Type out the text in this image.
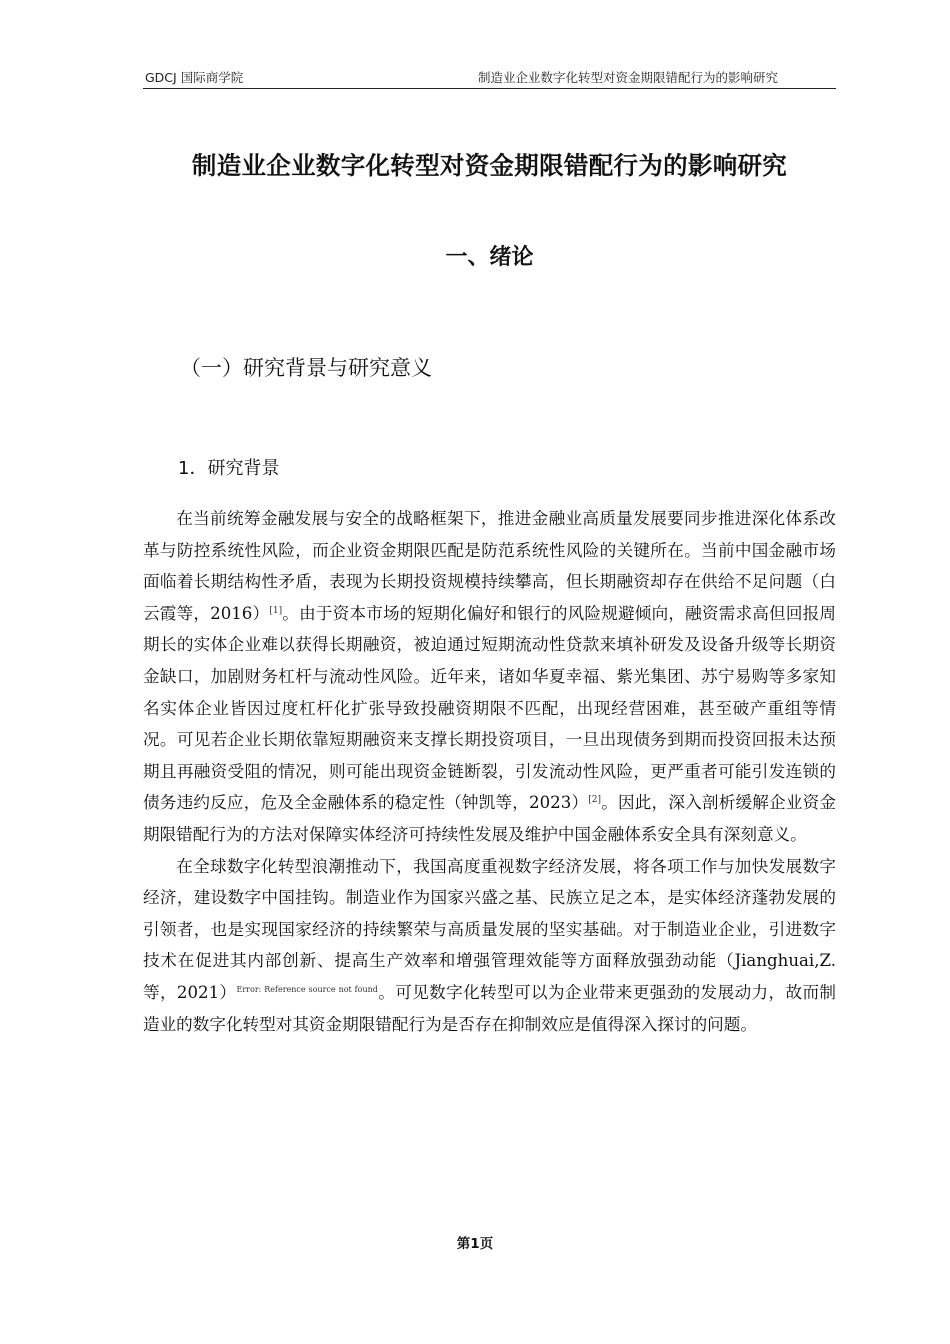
GDCJ 国际商学院	制造业企业数字化转型对资金期限错配行为的影响研究
制造业企业数字化转型对资金期限错配行为的影响研究
一、绪论
（一）研究背景与研究意义
1．研究背景

在当前统筹金融发展与安全的战略框架下，推进金融业高质量发展要同步推进深化体系改革与防控系统性风险，而企业资金期限匹配是防范系统性风险的关键所在。当前中国金融市场面临着长期结构性矛盾，表现为长期投资规模持续攀高，但长期融资却存在供给不足问题（白云霞等，2016）[1]。由于资本市场的短期化偏好和银行的风险规避倾向，融资需求高但回报周期长的实体企业难以获得长期融资，被迫通过短期流动性贷款来填补研发及设备升级等长期资金缺口，加剧财务杠杆与流动性风险。近年来，诸如华夏幸福、紫光集团、苏宁易购等多家知名实体企业皆因过度杠杆化扩张导致投融资期限不匹配，出现经营困难，甚至破产重组等情况。可见若企业长期依靠短期融资来支撑长期投资项目，一旦出现债务到期而投资回报未达预期且再融资受阻的情况，则可能出现资金链断裂，引发流动性风险，更严重者可能引发连锁的债务违约反应，危及全金融体系的稳定性（钟凯等，2023）[2]。因此，深入剖析缓解企业资金期限错配行为的方法对保障实体经济可持续性发展及维护中国金融体系安全具有深刻意义。

在全球数字化转型浪潮推动下，我国高度重视数字经济发展，将各项工作与加快发展数字经济，建设数字中国挂钩。制造业作为国家兴盛之基、民族立足之本，是实体经济蓬勃发展的引领者，也是实现国家经济的持续繁荣与高质量发展的坚实基础。对于制造业企业，引进数字技术在促进其内部创新、提高生产效率和增强管理效能等方面释放强劲动能（Jianghuai,Z.等，2021）$^{Error: Reference source not found}$。可见数字化转型可以为企业带来更强劲的发展动力，故而制造业的数字化转型对其资金期限错配行为是否存在抑制效应是值得深入探讨的问题。

第1页
